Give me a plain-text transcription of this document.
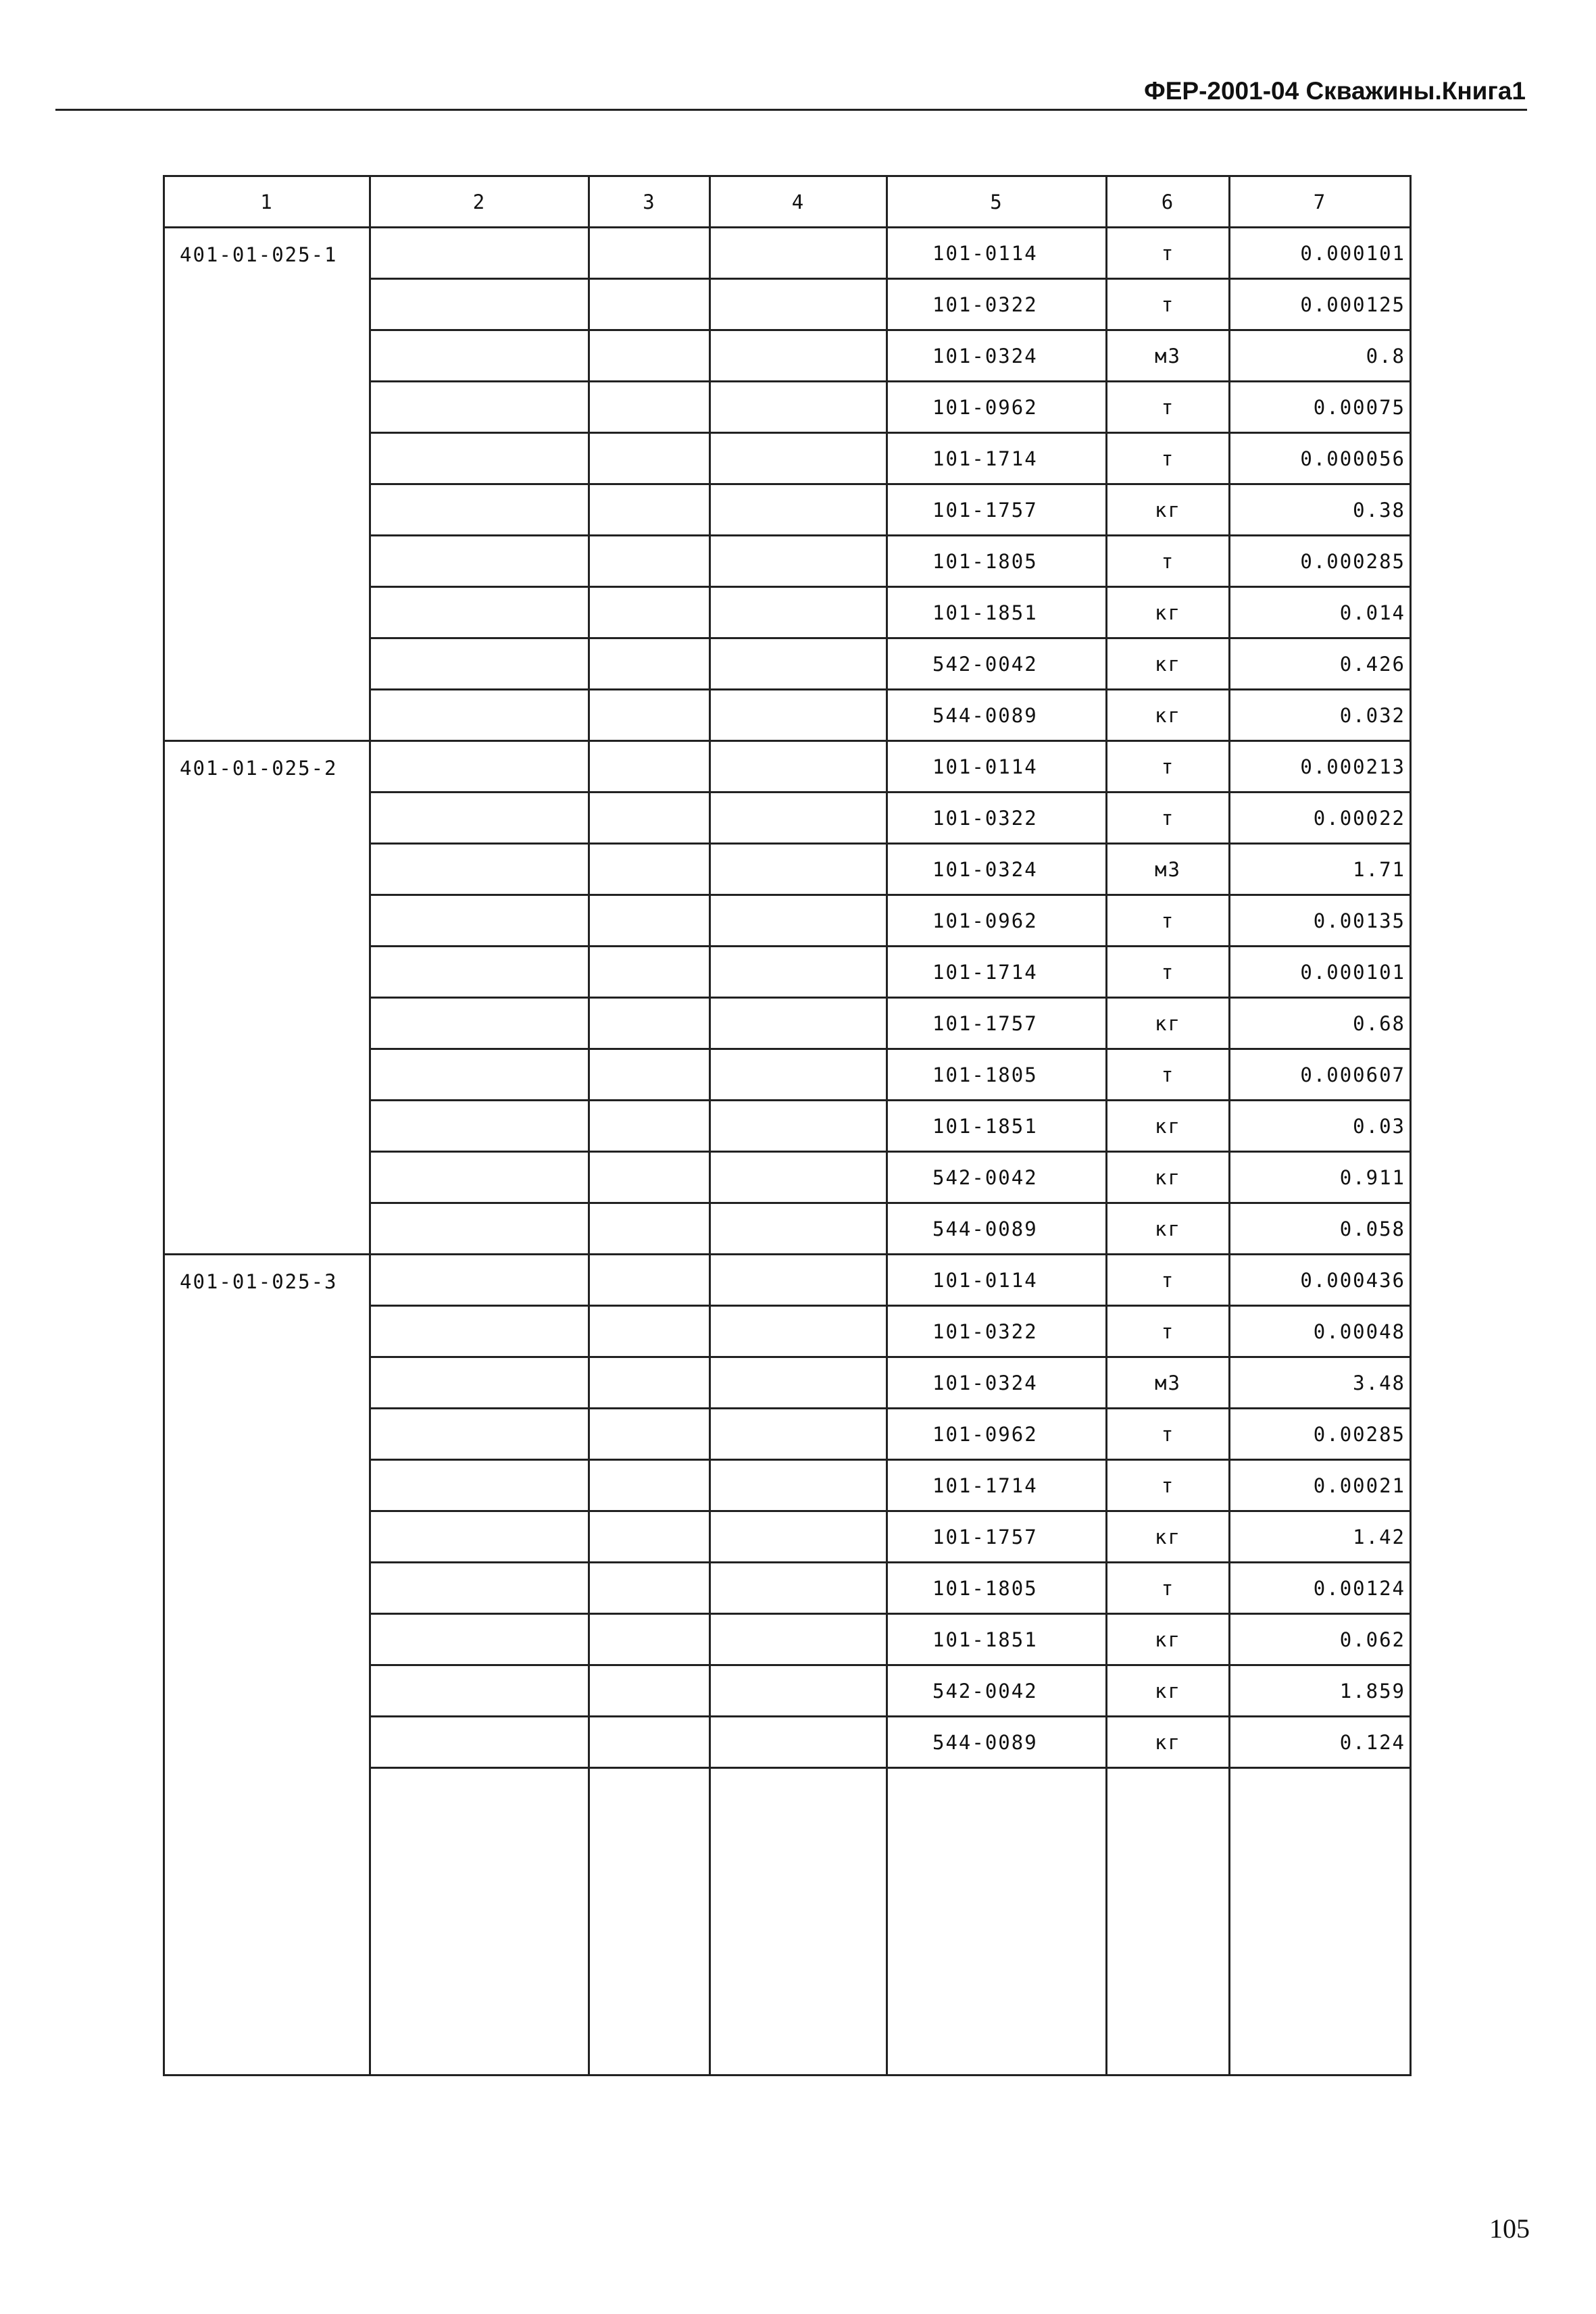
ФЕР-2001-04 Скважины.Книга1
1	2	3	4	5	6	7
401-01-025-1				101-0114	т	0.000101
				101-0322	т	0.000125
				101-0324	м3	0.8
				101-0962	т	0.00075
				101-1714	т	0.000056
				101-1757	кг	0.38
				101-1805	т	0.000285
				101-1851	кг	0.014
				542-0042	кг	0.426
				544-0089	кг	0.032
401-01-025-2				101-0114	т	0.000213
				101-0322	т	0.00022
				101-0324	м3	1.71
				101-0962	т	0.00135
				101-1714	т	0.000101
				101-1757	кг	0.68
				101-1805	т	0.000607
				101-1851	кг	0.03
				542-0042	кг	0.911
				544-0089	кг	0.058
401-01-025-3				101-0114	т	0.000436
				101-0322	т	0.00048
				101-0324	м3	3.48
				101-0962	т	0.00285
				101-1714	т	0.00021
				101-1757	кг	1.42
				101-1805	т	0.00124
				101-1851	кг	0.062
				542-0042	кг	1.859
				544-0089	кг	0.124

105
